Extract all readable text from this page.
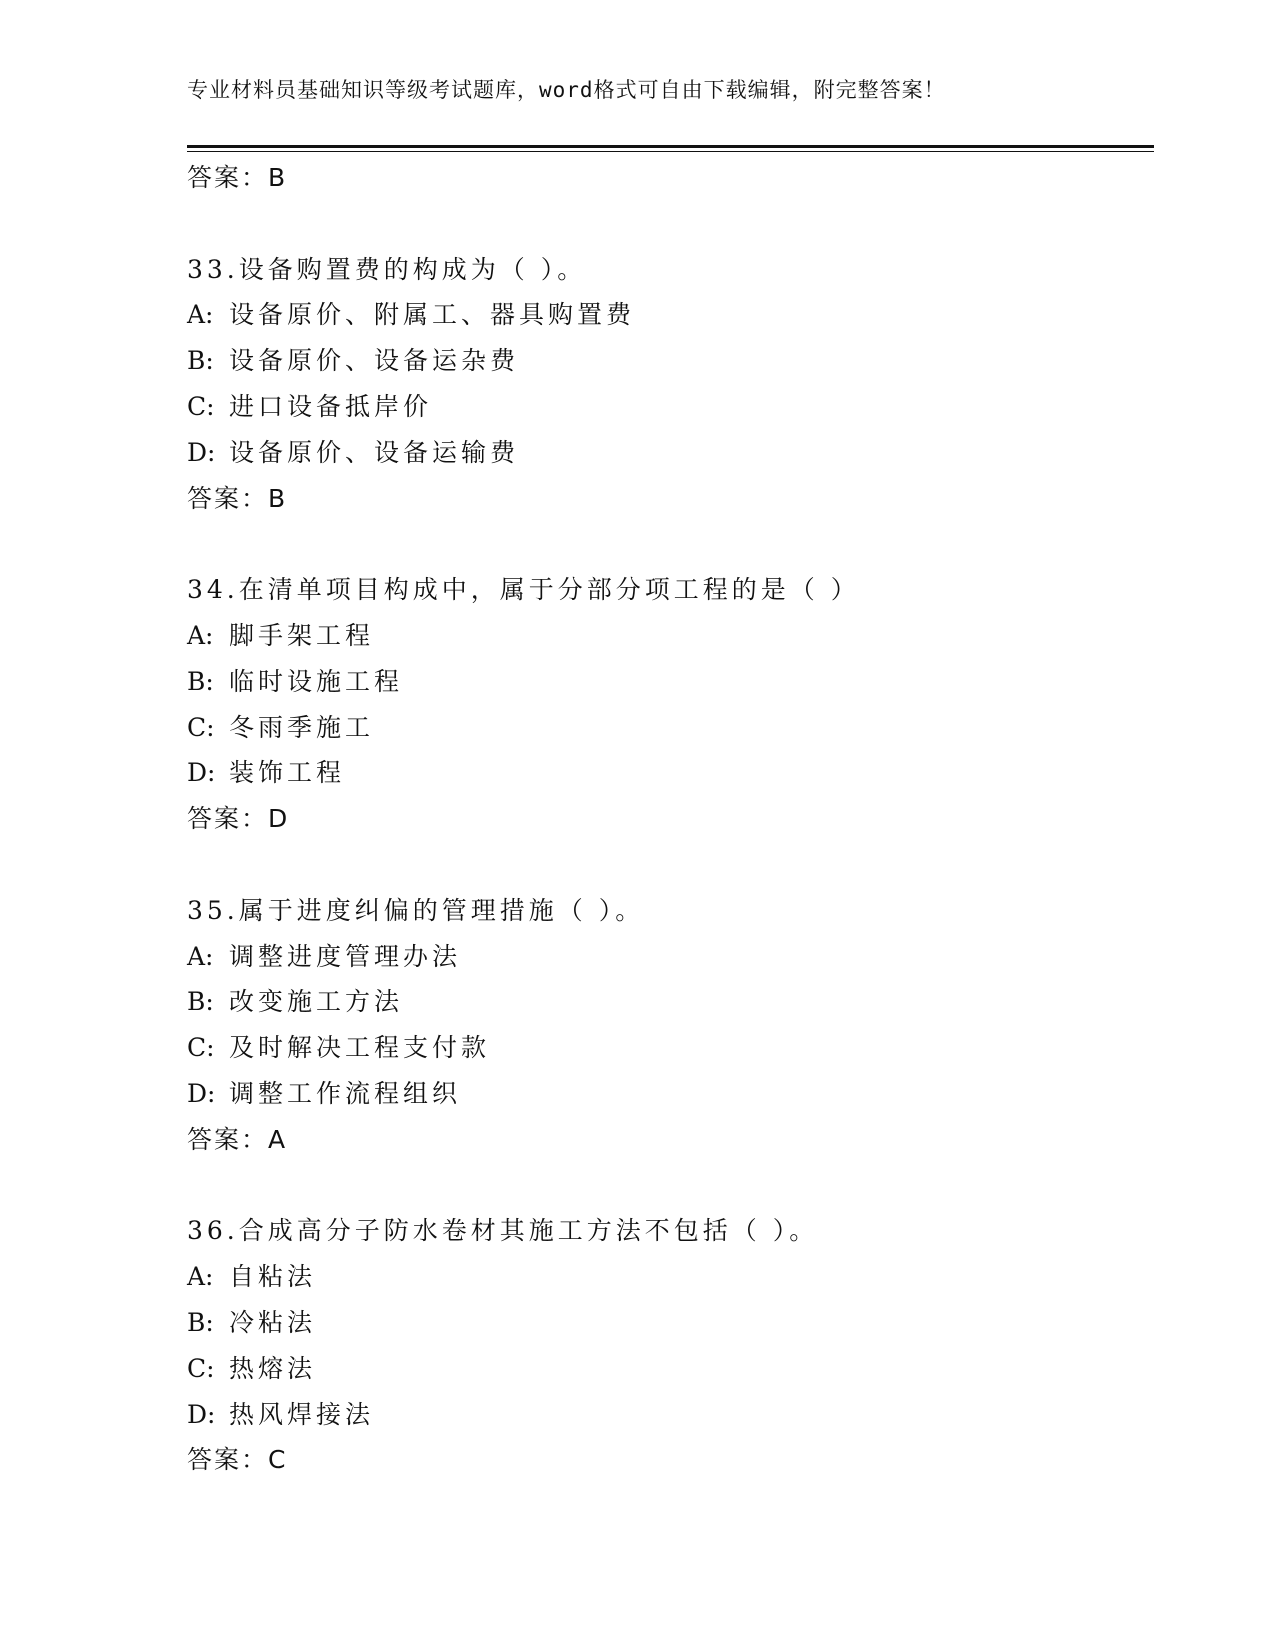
专业材料员基础知识等级考试题库，word格式可自由下载编辑，附完整答案！
答案：B
33.设备购置费的构成为（ ）。
A: 设备原价、附属工、器具购置费
B: 设备原价、设备运杂费
C: 进口设备抵岸价
D: 设备原价、设备运输费
答案：B
34.在清单项目构成中，属于分部分项工程的是（ ）
A: 脚手架工程
B: 临时设施工程
C: 冬雨季施工
D: 装饰工程
答案：D
35.属于进度纠偏的管理措施（ ）。
A: 调整进度管理办法
B: 改变施工方法
C: 及时解决工程支付款
D: 调整工作流程组织
答案：A
36.合成高分子防水卷材其施工方法不包括（ ）。
A: 自粘法
B: 冷粘法
C: 热熔法
D: 热风焊接法
答案：C
